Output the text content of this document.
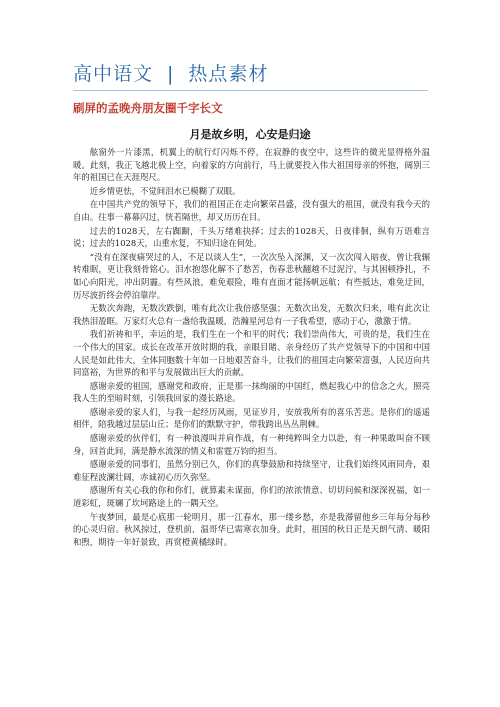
高中语文 | 热点素材
刷屏的孟晚舟朋友圈千字长文
月是故乡明，心安是归途

舷窗外一片漆黑，机翼上的航行灯闪烁不停，在寂静的夜空中，这些许的微光显得格外温暖。此刻，我正飞越北极上空，向着家的方向前行，马上就要投入伟大祖国母亲的怀抱，阔别三年的祖国已在天涯咫尺。

近乡情更怯，不觉间泪水已模糊了双眼。

在中国共产党的领导下，我们的祖国正在走向繁荣昌盛，没有强大的祖国，就没有我今天的自由。往事一幕幕闪过，恍若隔世，却又历历在目。

过去的1028天，左右踟蹰，千头万绪难抉择；过去的1028天，日夜徘徊，纵有万语难言说；过去的1028天，山重水复，不知归途在何处。

“没有在深夜痛哭过的人，不足以谈人生”，一次次坠入深渊，又一次次闯入暗夜，曾让我辗转难眠，更让我刻骨铭心。泪水抱怨化解不了愁苦，伤春悲秋翻越不过泥泞，与其困顿挣扎，不如心向阳光，冲出阴霾。有些风浪，难免艰险，唯有直面才能扬帆远航；有些抵达，难免迂回，历尽波折终会停泊靠岸。

无数次奔跑，无数次跌倒，唯有此次让我倍感坚强；无数次出发，无数次归来，唯有此次让我热泪盈眶。万家灯火总有一盏给我温暖，浩瀚星河总有一子我希望，感动于心，激激于情。

我们祈祷和平，幸运的是，我们生在一个和平的时代；我们崇尚伟大，可贵的是，我们生在一个伟大的国家。成长在改革开放时期的我，亲眼目睹、亲身经历了共产党领导下的中国和中国人民是如此伟大，全体同胞数十年如一日地艰苦奋斗，让我们的祖国走向繁荣富强，人民迈向共同富裕，为世界的和平与发展做出巨大的贡献。

感谢亲爱的祖国，感谢党和政府，正是那一抹绚丽的中国红，燃起我心中的信念之火，照亮我人生的至暗时刻，引领我回家的漫长路途。

感谢亲爱的家人们，与我一起经历风雨，见证岁月，安放我所有的喜乐苦悲。是你们的遥遥相伴，陪我越过层层山丘；是你们的默默守护，带我跨出丛丛荆棘。

感谢亲爱的伙伴们，有一种浪漫叫并肩作战，有一种纯粹叫全力以赴，有一种果敢叫奋不顾身，回首此间，满是静水流深的情义和雷霆万钧的担当。

感谢亲爱的同事们，虽然分别已久，你们的真挚鼓励和持续坚守，让我们始终风雨同舟，艰难征程波澜壮阔，赤诚初心历久弥坚。

感谢所有关心我的你和你们，就算素未谋面，你们的浓浓情意、切切问候和深深祝福，如一道彩虹，斑斓了坎坷路途上的一隅天空。

午夜梦回，最是心底那一轮明月，那一江春水，那一缕乡愁，亦是我滞留他乡三年每分每秒的心灵归宿。秋风掠过，登机前，温哥华已需寒衣加身。此时，祖国的秋日正是天朗气清、暖阳和煦，期待一年好景致，再赏橙黄橘绿时。
